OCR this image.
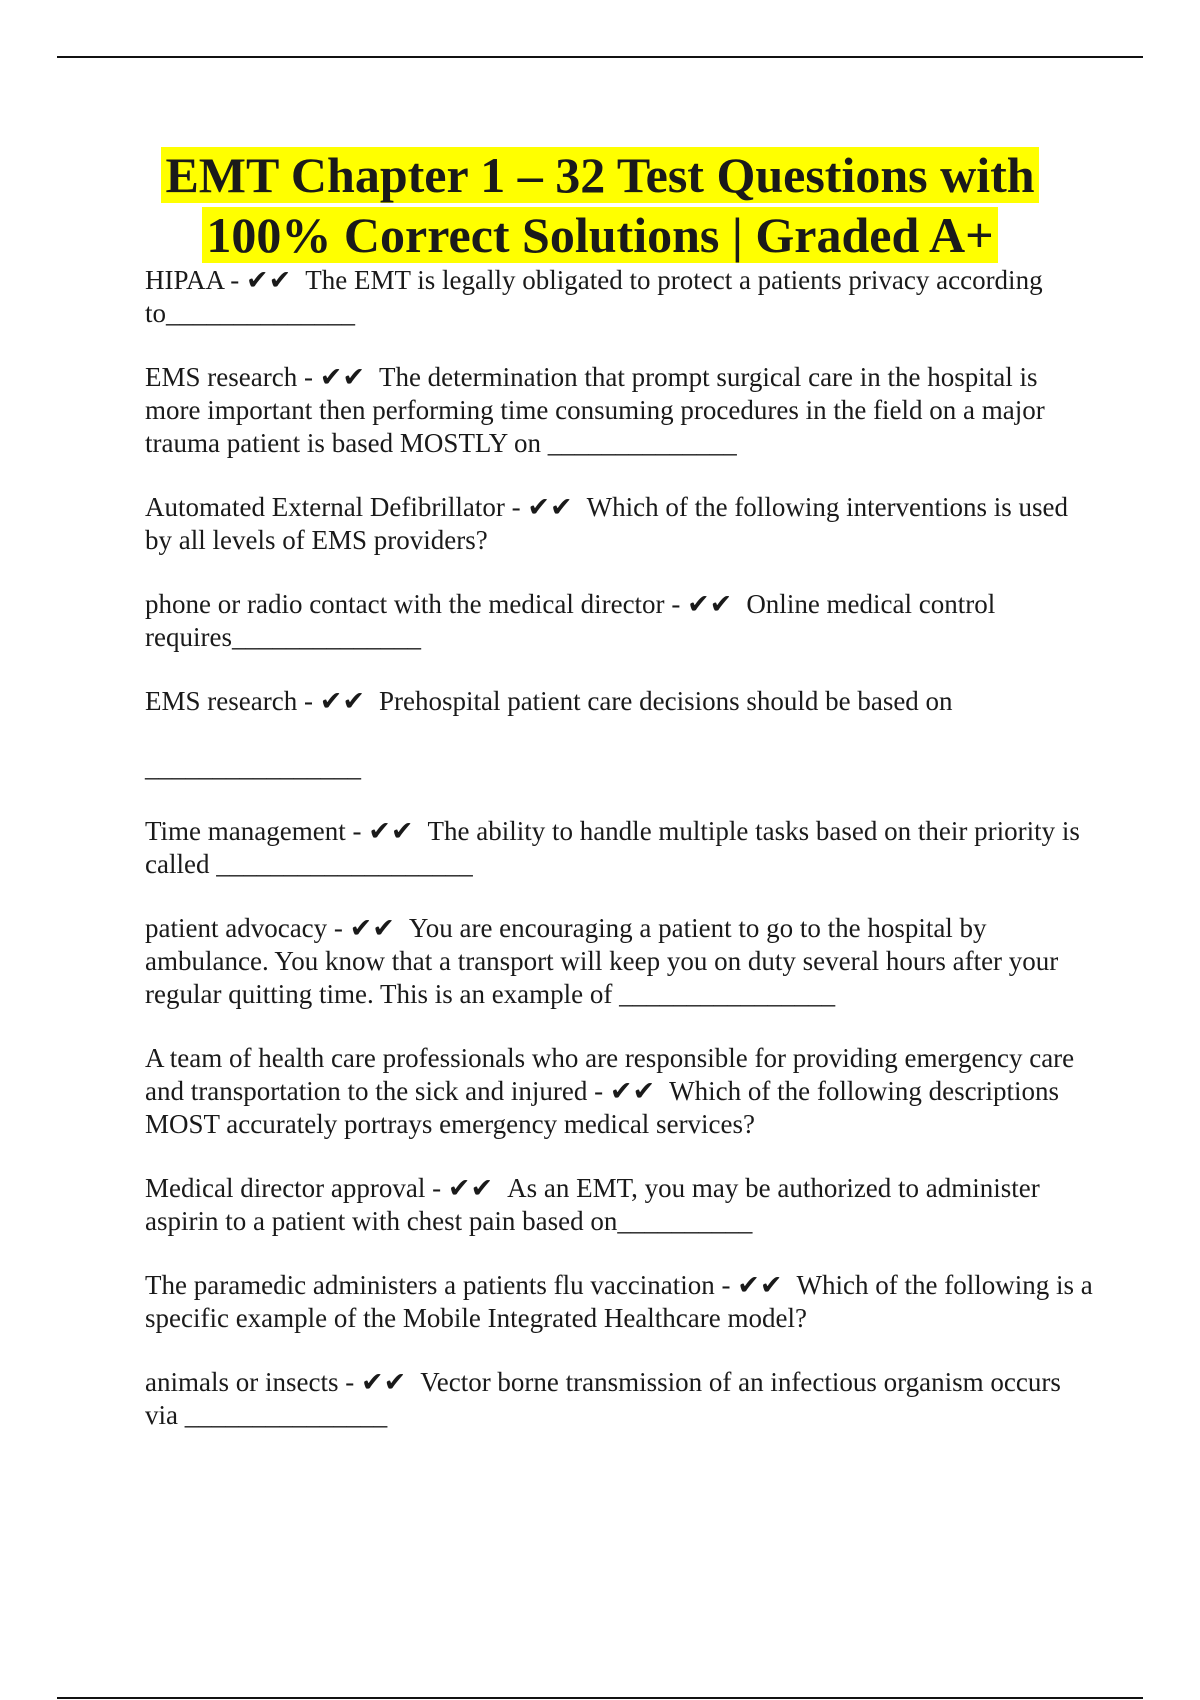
EMT Chapter 1 – 32 Test Questions with
100% Correct Solutions | Graded A+
HIPAA - ✔✔ The EMT is legally obligated to protect a patients privacy according to______________
EMS research - ✔✔ The determination that prompt surgical care in the hospital is more important then performing time consuming procedures in the field on a major trauma patient is based MOSTLY on ______________
Automated External Defibrillator - ✔✔ Which of the following interventions is used by all levels of EMS providers?
phone or radio contact with the medical director - ✔✔ Online medical control requires______________
EMS research - ✔✔ Prehospital patient care decisions should be based on
________________
Time management - ✔✔ The ability to handle multiple tasks based on their priority is called ___________________
patient advocacy - ✔✔ You are encouraging a patient to go to the hospital by ambulance. You know that a transport will keep you on duty several hours after your regular quitting time. This is an example of ________________
A team of health care professionals who are responsible for providing emergency care and transportation to the sick and injured - ✔✔ Which of the following descriptions MOST accurately portrays emergency medical services?
Medical director approval - ✔✔ As an EMT, you may be authorized to administer aspirin to a patient with chest pain based on__________
The paramedic administers a patients flu vaccination - ✔✔ Which of the following is a specific example of the Mobile Integrated Healthcare model?
animals or insects - ✔✔ Vector borne transmission of an infectious organism occurs via _______________
